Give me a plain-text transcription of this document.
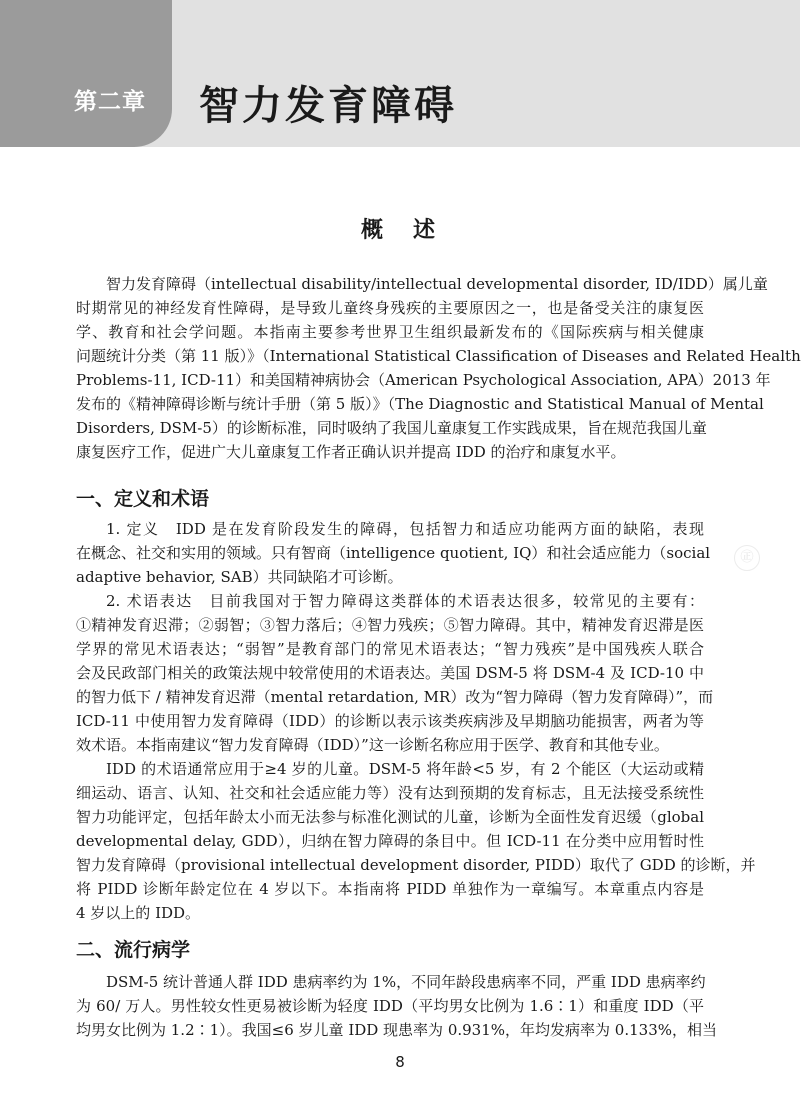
第二章 智力发育障碍
概　述
智力发育障碍（intellectual disability/intellectual developmental disorder, ID/IDD）属儿童
时期常见的神经发育性障碍，是导致儿童终身残疾的主要原因之一，也是备受关注的康复医
学、教育和社会学问题。本指南主要参考世界卫生组织最新发布的《国际疾病与相关健康
问题统计分类（第 11 版）》（International Statistical Classification of Diseases and Related Health
Problems-11, ICD-11）和美国精神病协会（American Psychological Association, APA）2013 年
发布的《精神障碍诊断与统计手册（第 5 版）》（The Diagnostic and Statistical Manual of Mental
Disorders, DSM-5）的诊断标准，同时吸纳了我国儿童康复工作实践成果，旨在规范我国儿童
康复医疗工作，促进广大儿童康复工作者正确认识并提高 IDD 的治疗和康复水平。
一、定义和术语
1. 定义　IDD 是在发育阶段发生的障碍，包括智力和适应功能两方面的缺陷，表现
在概念、社交和实用的领域。只有智商（intelligence quotient, IQ）和社会适应能力（social
adaptive behavior, SAB）共同缺陷才可诊断。
㊣
2. 术语表达　目前我国对于智力障碍这类群体的术语表达很多，较常见的主要有：
①精神发育迟滞；②弱智；③智力落后；④智力残疾；⑤智力障碍。其中，精神发育迟滞是医
学界的常见术语表达；“弱智”是教育部门的常见术语表达；“智力残疾”是中国残疾人联合
会及民政部门相关的政策法规中较常使用的术语表达。美国 DSM-5 将 DSM-4 及 ICD-10 中
的智力低下 / 精神发育迟滞（mental retardation, MR）改为“智力障碍（智力发育障碍）”，而
ICD-11 中使用智力发育障碍（IDD）的诊断以表示该类疾病涉及早期脑功能损害，两者为等
效术语。本指南建议“智力发育障碍（IDD）”这一诊断名称应用于医学、教育和其他专业。
IDD 的术语通常应用于≥4 岁的儿童。DSM-5 将年龄<5 岁，有 2 个能区（大运动或精
细运动、语言、认知、社交和社会适应能力等）没有达到预期的发育标志，且无法接受系统性
智力功能评定，包括年龄太小而无法参与标准化测试的儿童，诊断为全面性发育迟缓（global
developmental delay, GDD），归纳在智力障碍的条目中。但 ICD-11 在分类中应用暂时性
智力发育障碍（provisional intellectual development disorder, PIDD）取代了 GDD 的诊断，并
将 PIDD 诊断年龄定位在 4 岁以下。本指南将 PIDD 单独作为一章编写。本章重点内容是
4 岁以上的 IDD。
二、流行病学
DSM-5 统计普通人群 IDD 患病率约为 1%，不同年龄段患病率不同，严重 IDD 患病率约
为 60/ 万人。男性较女性更易被诊断为轻度 IDD（平均男女比例为 1.6∶1）和重度 IDD（平
均男女比例为 1.2∶1）。我国≤6 岁儿童 IDD 现患率为 0.931%，年均发病率为 0.133%，相当
8
